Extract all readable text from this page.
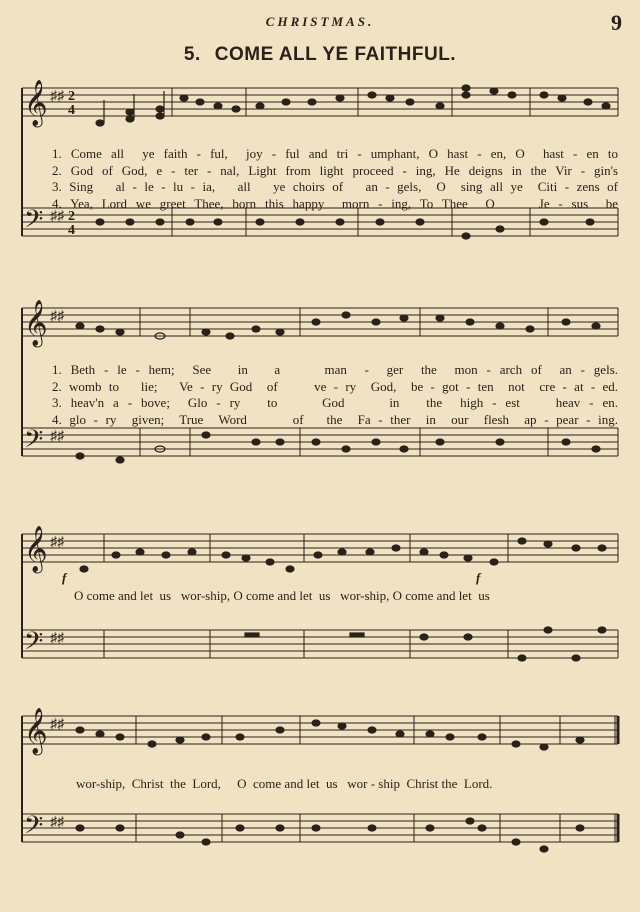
CHRISTMAS.	9
5. COME ALL YE FAITHFUL.
𝄞
𝄢
♯♯
♯♯
2
4
2
4
1. Come all  ye faith - ful,  joy - ful and tri - umphant, O hast - en, O  hast - en to
2. God of God, e - ter - nal, Light from light proceed - ing, He deigns in the Vir - gin's
3. Sing   al - le - lu - ia,   all   ye choirs of   an - gels,  O  sing all ye  Citi - zens of
4. Yea, Lord we greet Thee, born this happy  morn - ing, To Thee  O     Je - sus  be
𝄞
𝄢
♯♯
♯♯
1. Beth - le - hem;  See   in   a     man  -  ger  the  mon - arch of  an - gels.
2. womb to   lie;   Ve - ry God  of     ve - ry  God,  be - got - ten  not  cre - at - ed.
3. heav'n a - bove;  Glo - ry   to     God     in   the  high - est    heav - en.
4. glo - ry  given;  True  Word      of   the  Fa - ther  in  our  flesh  ap - pear - ing.
𝄞
𝄢
♯♯
♯♯
f	f
O come and let  us   wor-ship, O come and let  us   wor-ship, O come and let  us
𝄞
𝄢
♯♯
♯♯
wor-ship,  Christ  the  Lord,     O  come and let  us   wor - ship  Christ the  Lord.
